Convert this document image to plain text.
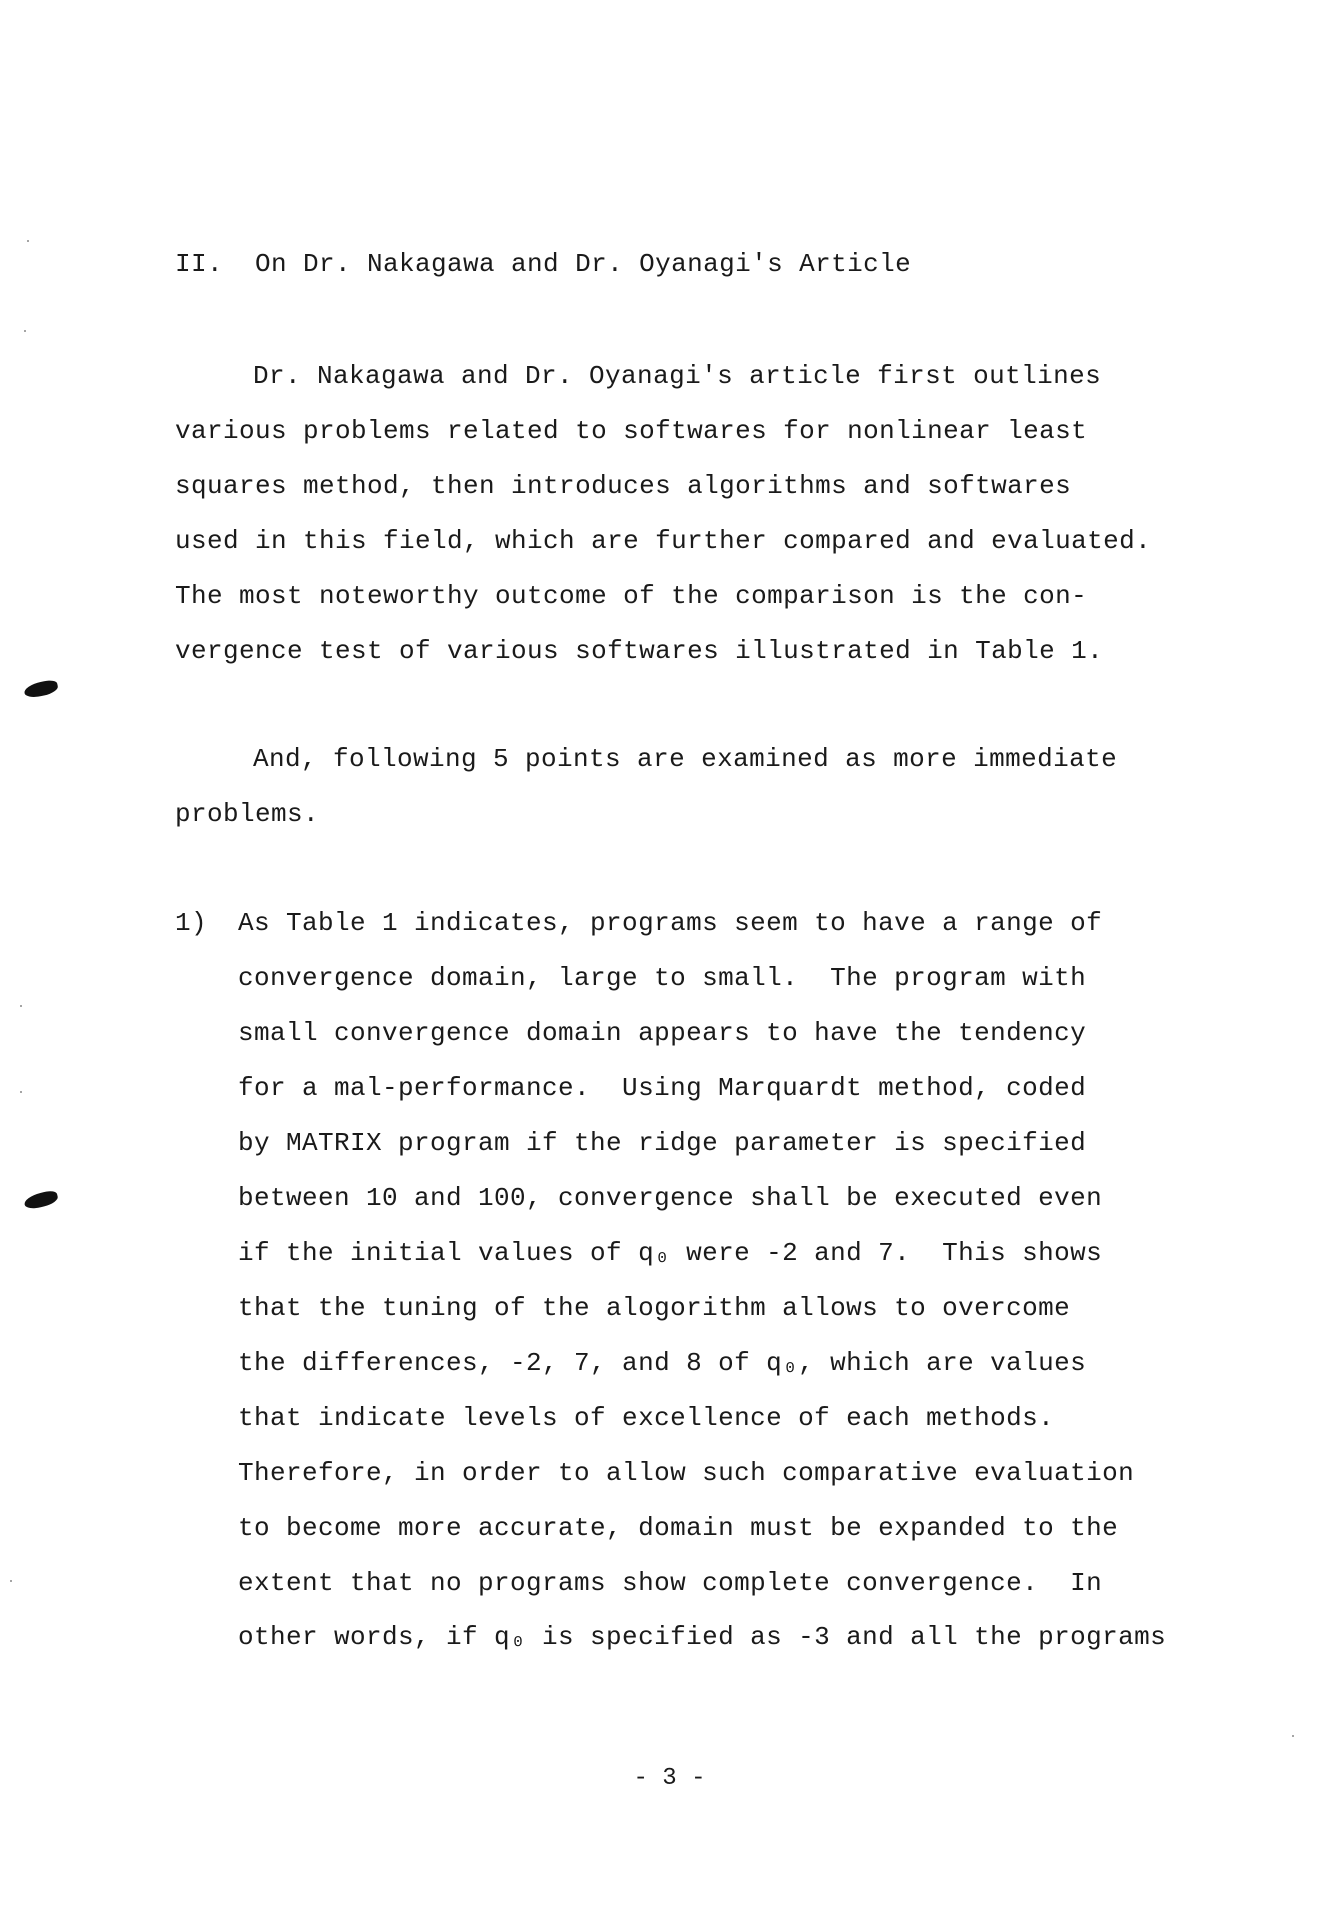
II.  On Dr. Nakagawa and Dr. Oyanagi's Article
Dr. Nakagawa and Dr. Oyanagi's article first outlines
various problems related to softwares for nonlinear least
squares method, then introduces algorithms and softwares
used in this field, which are further compared and evaluated.
The most noteworthy outcome of the comparison is the con-
vergence test of various softwares illustrated in Table 1.
And, following 5 points are examined as more immediate
problems.
1) As Table 1 indicates, programs seem to have a range of
convergence domain, large to small.  The program with
small convergence domain appears to have the tendency
for a mal-performance.  Using Marquardt method, coded
by MATRIX program if the ridge parameter is specified
between 10 and 100, convergence shall be executed even
if the initial values of q₀ were -2 and 7.  This shows
that the tuning of the alogorithm allows to overcome
the differences, -2, 7, and 8 of q₀, which are values
that indicate levels of excellence of each methods.
Therefore, in order to allow such comparative evaluation
to become more accurate, domain must be expanded to the
extent that no programs show complete convergence.  In
other words, if q₀ is specified as -3 and all the programs
- 3 -
